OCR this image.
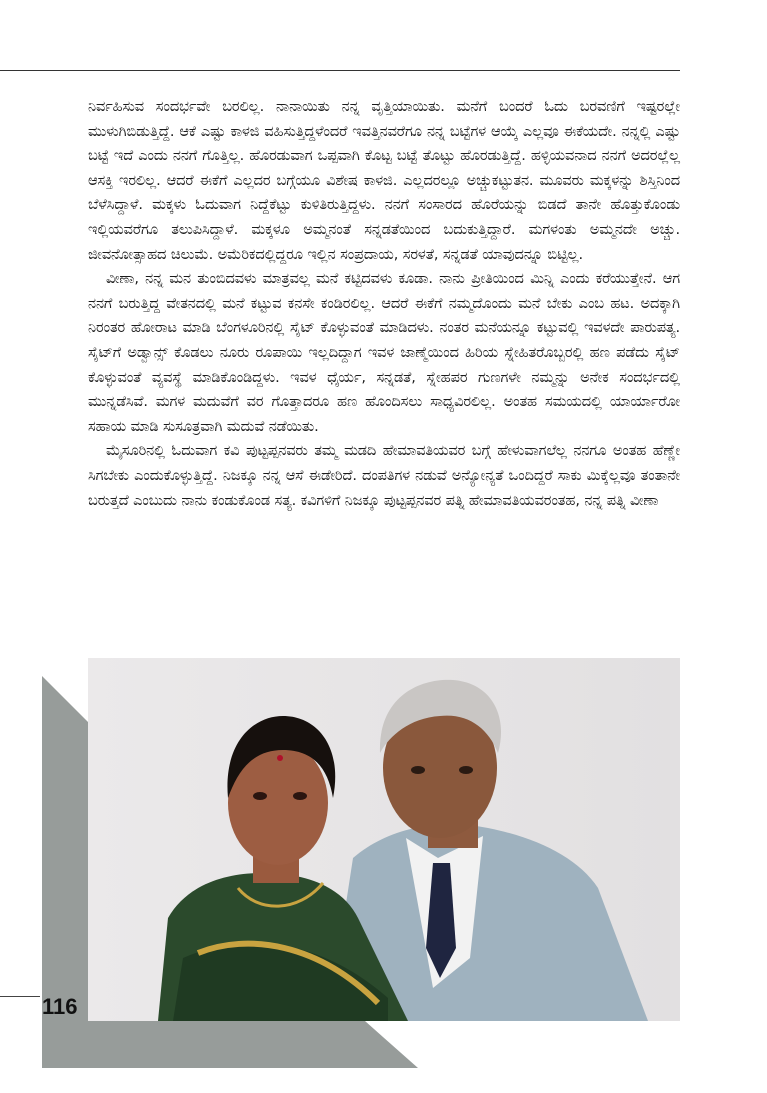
ನಿರ್ವಹಿಸುವ ಸಂದರ್ಭವೇ ಬರಲಿಲ್ಲ. ನಾನಾಯಿತು ನನ್ನ ವೃತ್ತಿಯಾಯಿತು. ಮನೆಗೆ ಬಂದರೆ ಓದು ಬರವಣಿಗೆ ಇಷ್ಟರಲ್ಲೇ ಮುಳುಗಿಬಿಡುತ್ತಿದ್ದೆ. ಆಕೆ ಎಷ್ಟು ಕಾಳಜಿ ವಹಿಸುತ್ತಿದ್ದಳೆಂದರೆ ಇವತ್ತಿನವರೆಗೂ ನನ್ನ ಬಟ್ಟೆಗಳ ಆಯ್ಕೆ ಎಲ್ಲವೂ ಈಕೆಯದೇ. ನನ್ನಲ್ಲಿ ಎಷ್ಟು ಬಟ್ಟೆ ಇದೆ ಎಂದು ನನಗೆ ಗೊತ್ತಿಲ್ಲ. ಹೊರಡುವಾಗ ಒಪ್ಪವಾಗಿ ಕೊಟ್ಟ ಬಟ್ಟೆ ತೊಟ್ಟು ಹೊರಡುತ್ತಿದ್ದೆ. ಹಳ್ಳಿಯವನಾದ ನನಗೆ ಅದರಲ್ಲೆಲ್ಲ ಆಸಕ್ತಿ ಇರಲಿಲ್ಲ. ಆದರೆ ಈಕೆಗೆ ಎಲ್ಲದರ ಬಗ್ಗೆಯೂ ವಿಶೇಷ ಕಾಳಜಿ. ಎಲ್ಲದರಲ್ಲೂ ಅಚ್ಚುಕಟ್ಟುತನ. ಮೂವರು ಮಕ್ಕಳನ್ನು ಶಿಸ್ತಿನಿಂದ ಬೆಳೆಸಿದ್ದಾಳೆ. ಮಕ್ಕಳು ಓದುವಾಗ ನಿದ್ದೆಕೆಟ್ಟು ಕುಳಿತಿರುತ್ತಿದ್ದಳು. ನನಗೆ ಸಂಸಾರದ ಹೊರೆಯನ್ನು ಬಿಡದೆ ತಾನೇ ಹೊತ್ತುಕೊಂಡು ಇಲ್ಲಿಯವರೆಗೂ ತಲುಪಿಸಿದ್ದಾಳೆ. ಮಕ್ಕಳೂ ಅಮ್ಮನಂತೆ ಸನ್ನಡತೆಯಿಂದ ಬದುಕುತ್ತಿದ್ದಾರೆ. ಮಗಳಂತು ಅಮ್ಮನದೇ ಅಚ್ಚು. ಜೀವನೋತ್ಸಾಹದ ಚಿಲುಮೆ. ಅಮೆರಿಕದಲ್ಲಿದ್ದರೂ ಇಲ್ಲಿನ ಸಂಪ್ರದಾಯ, ಸರಳತೆ, ಸನ್ನಡತೆ ಯಾವುದನ್ನೂ ಬಿಟ್ಟಿಲ್ಲ.

ವೀಣಾ, ನನ್ನ ಮನ ತುಂಬಿದವಳು ಮಾತ್ರವಲ್ಲ ಮನೆ ಕಟ್ಟಿದವಳು ಕೂಡಾ. ನಾನು ಪ್ರೀತಿಯಿಂದ ಮಿನ್ನಿ ಎಂದು ಕರೆಯುತ್ತೇನೆ. ಆಗ ನನಗೆ ಬರುತ್ತಿದ್ದ ವೇತನದಲ್ಲಿ ಮನೆ ಕಟ್ಟುವ ಕನಸೇ ಕಂಡಿರಲಿಲ್ಲ. ಆದರೆ ಈಕೆಗೆ ನಮ್ಮದೊಂದು ಮನೆ ಬೇಕು ಎಂಬ ಹಟ. ಅದಕ್ಕಾಗಿ ನಿರಂತರ ಹೋರಾಟ ಮಾಡಿ ಬೆಂಗಳೂರಿನಲ್ಲಿ ಸೈಟ್ ಕೊಳ್ಳುವಂತೆ ಮಾಡಿದಳು. ನಂತರ ಮನೆಯನ್ನೂ ಕಟ್ಟುವಲ್ಲಿ ಇವಳದೇ ಪಾರುಪತ್ಯ. ಸೈಟ್‌ಗೆ ಅಡ್ವಾನ್ಸ್ ಕೊಡಲು ನೂರು ರೂಪಾಯಿ ಇಲ್ಲದಿದ್ದಾಗ ಇವಳ ಜಾಣ್ಮೆಯಿಂದ ಹಿರಿಯ ಸ್ನೇಹಿತರೊಬ್ಬರಲ್ಲಿ ಹಣ ಪಡೆದು ಸೈಟ್ ಕೊಳ್ಳುವಂತೆ ವ್ಯವಸ್ಥೆ ಮಾಡಿಕೊಂಡಿದ್ದಳು. ಇವಳ ಧೈರ್ಯ, ಸನ್ನಡತೆ, ಸ್ನೇಹಪರ ಗುಣಗಳೇ ನಮ್ಮನ್ನು ಅನೇಕ ಸಂದರ್ಭದಲ್ಲಿ ಮುನ್ನಡೆಸಿವೆ. ಮಗಳ ಮದುವೆಗೆ ವರ ಗೊತ್ತಾದರೂ ಹಣ ಹೊಂದಿಸಲು ಸಾಧ್ಯವಿರಲಿಲ್ಲ. ಅಂತಹ ಸಮಯದಲ್ಲಿ ಯಾರ್ಯಾರೋ ಸಹಾಯ ಮಾಡಿ ಸುಸೂತ್ರವಾಗಿ ಮದುವೆ ನಡೆಯಿತು.

ಮೈಸೂರಿನಲ್ಲಿ ಓದುವಾಗ ಕವಿ ಪುಟ್ಟಪ್ಪನವರು ತಮ್ಮ ಮಡದಿ ಹೇಮಾವತಿಯವರ ಬಗ್ಗೆ ಹೇಳುವಾಗಲೆಲ್ಲ ನನಗೂ ಅಂತಹ ಹೆಣ್ಣೇ ಸಿಗಬೇಕು ಎಂದುಕೊಳ್ಳುತ್ತಿದ್ದೆ. ನಿಜಕ್ಕೂ ನನ್ನ ಆಸೆ ಈಡೇರಿದೆ. ದಂಪತಿಗಳ ನಡುವೆ ಅನ್ಯೋನ್ಯತೆ ಒಂದಿದ್ದರೆ ಸಾಕು ಮಿಕ್ಕೆಲ್ಲವೂ ತಂತಾನೇ ಬರುತ್ತದೆ ಎಂಬುದು ನಾನು ಕಂಡುಕೊಂಡ ಸತ್ಯ. ಕವಿಗಳಿಗೆ ನಿಜಕ್ಕೂ ಪುಟ್ಟಪ್ಪನವರ ಪತ್ನಿ ಹೇಮಾವತಿಯವರಂತಹ, ನನ್ನ ಪತ್ನಿ ವೀಣಾ

116
